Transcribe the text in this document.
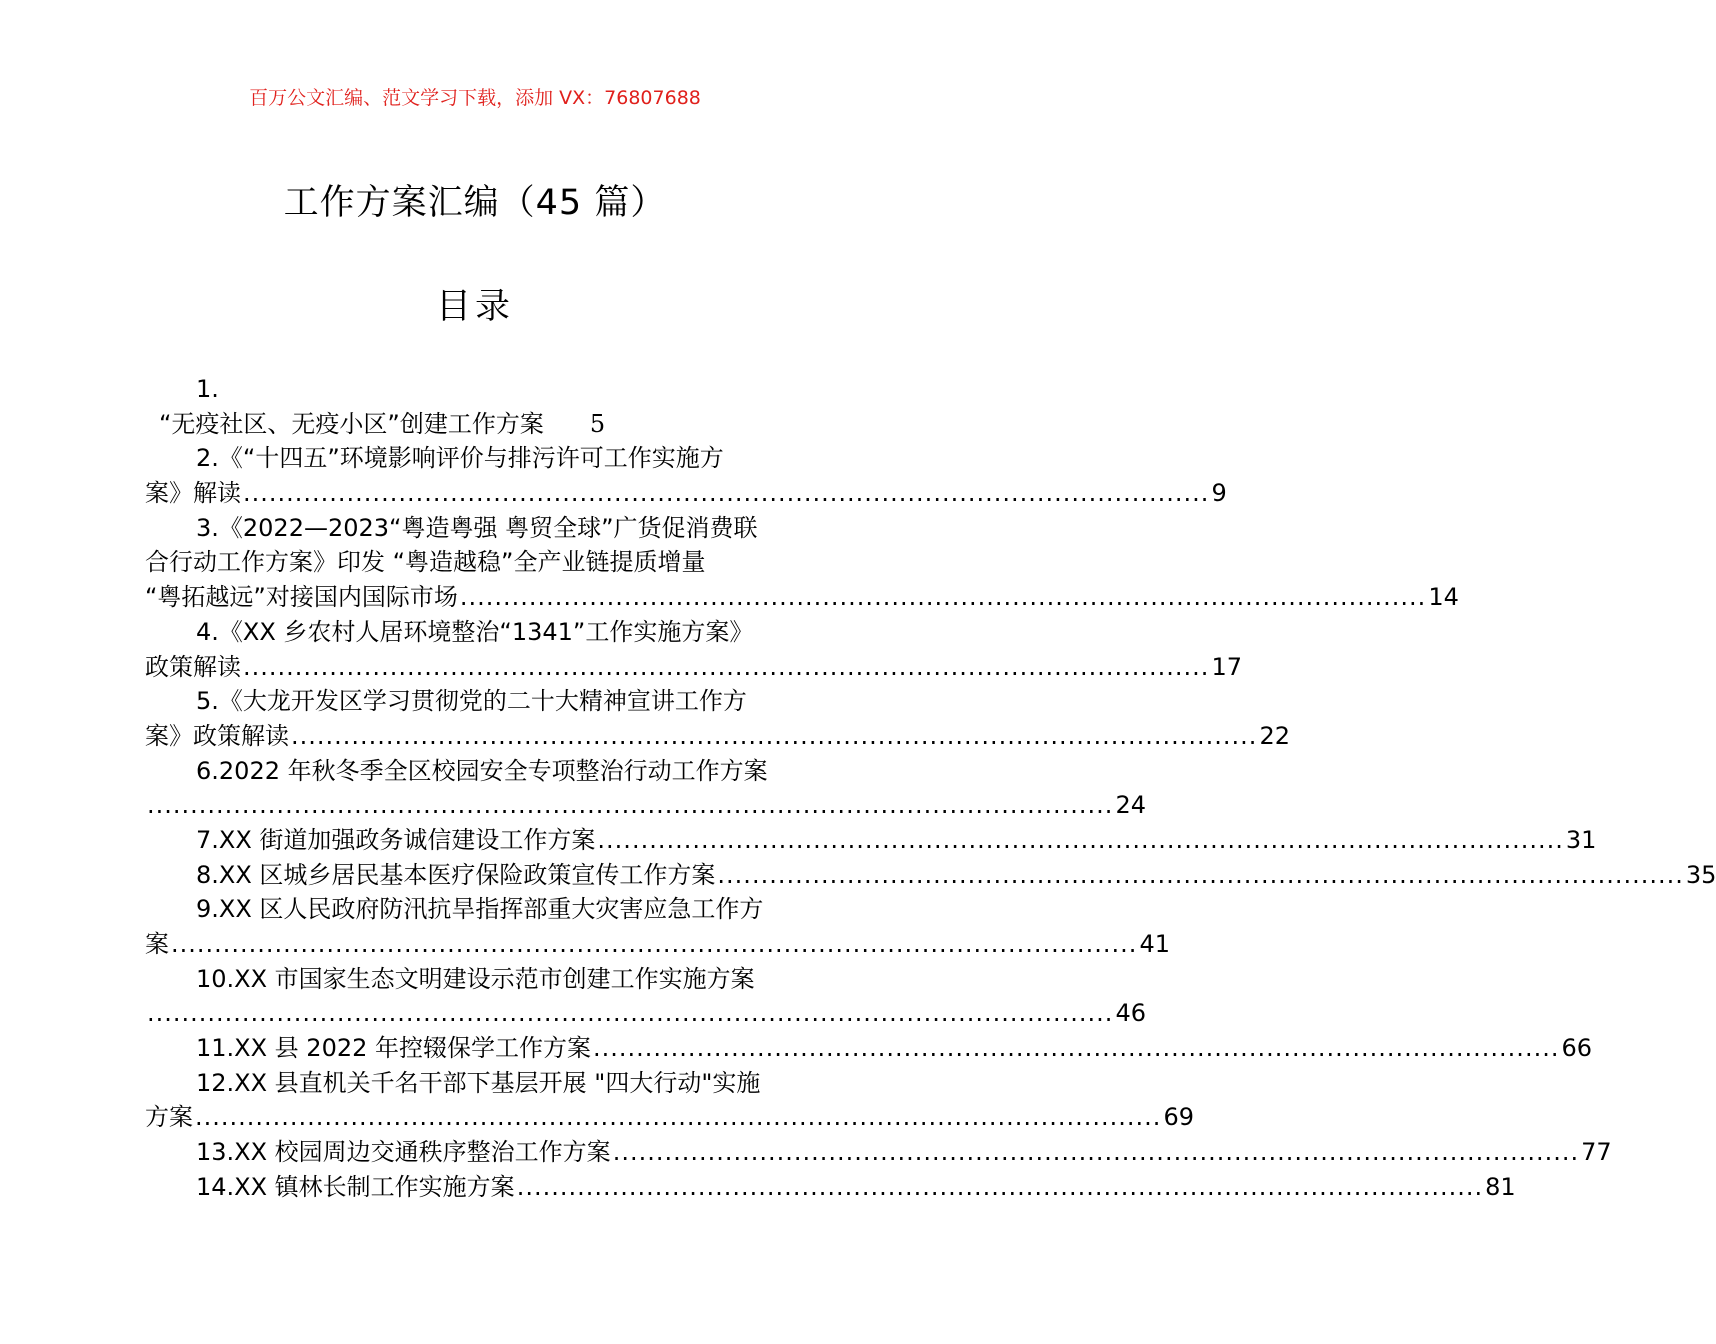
百万公文汇编、范文学习下载，添加 VX：76807688
工作方案汇编（45 篇）
目录
1.
“无疫社区、无疫小区”创建工作方案 5
2.《“十四五”环境影响评价与排污许可工作实施方
案》解读 ................................................................................................................ 9
3.《2022—2023“粤造粤强 粤贸全球”广货促消费联
合行动工作方案》印发 “粤造越稳”全产业链提质增量
“粤拓越远”对接国内国际市场 ................................................................................................................ 14
4.《XX 乡农村人居环境整治“1341”工作实施方案》
政策解读 ................................................................................................................ 17
5.《大龙开发区学习贯彻党的二十大精神宣讲工作方
案》政策解读 ................................................................................................................ 22
6.2022 年秋冬季全区校园安全专项整治行动工作方案
................................................................................................................ 24
7.XX 街道加强政务诚信建设工作方案 ................................................................................................................ 31
8.XX 区城乡居民基本医疗保险政策宣传工作方案 ................................................................................................................ 35
9.XX 区人民政府防汛抗旱指挥部重大灾害应急工作方
案 ................................................................................................................ 41
10.XX 市国家生态文明建设示范市创建工作实施方案
................................................................................................................ 46
11.XX 县 2022 年控辍保学工作方案 ................................................................................................................ 66
12.XX 县直机关千名干部下基层开展 "四大行动"实施
方案 ................................................................................................................ 69
13.XX 校园周边交通秩序整治工作方案 ................................................................................................................ 77
14.XX 镇林长制工作实施方案 ................................................................................................................ 81
